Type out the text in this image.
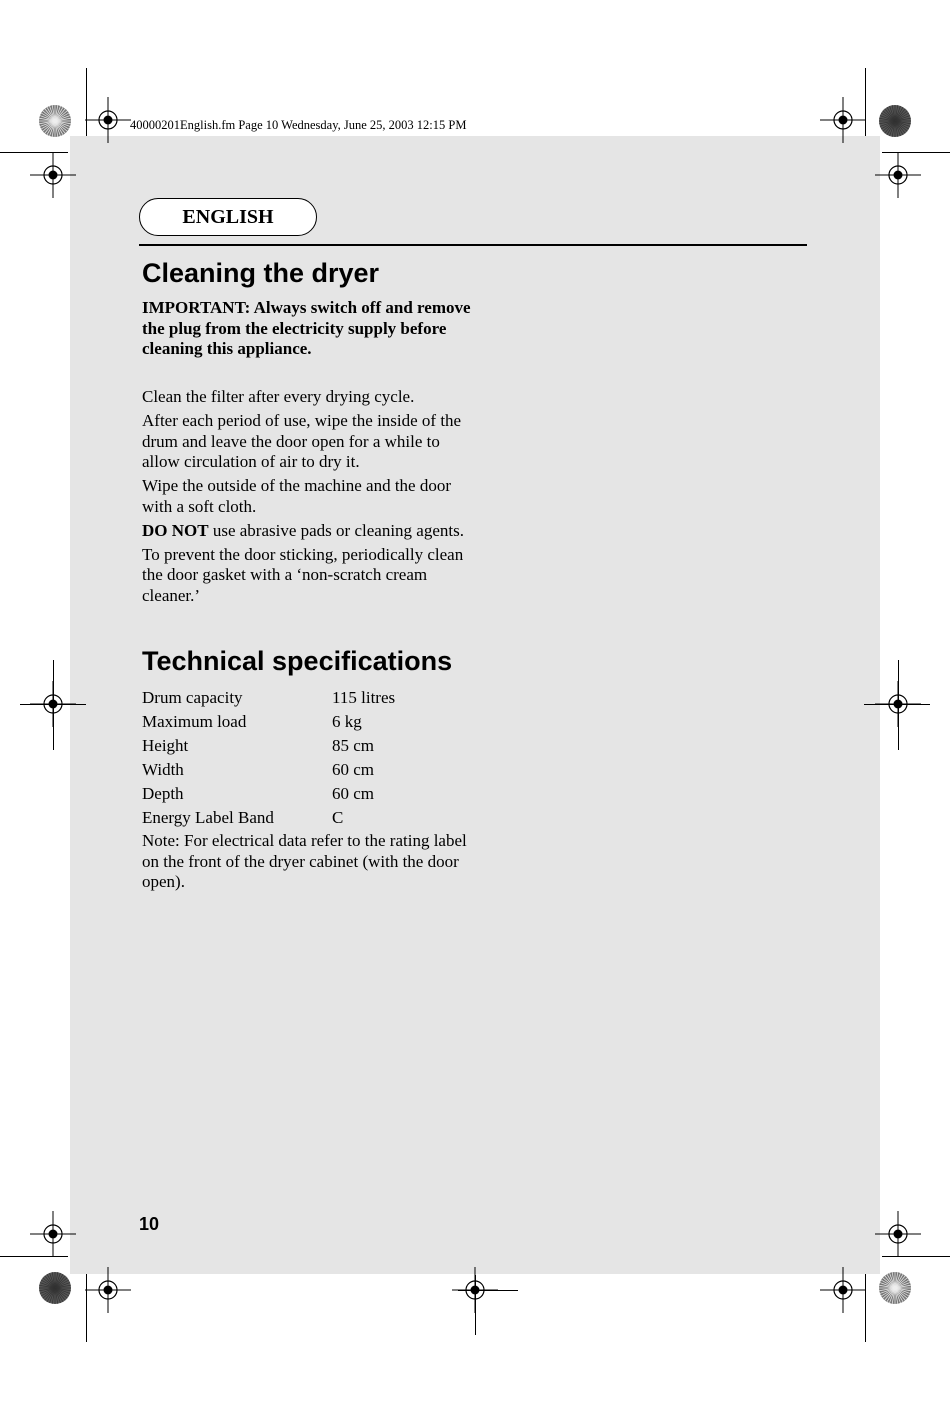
40000201English.fm Page 10 Wednesday, June 25, 2003 12:15 PM
ENGLISH
Cleaning the dryer
IMPORTANT: Always switch off and remove the plug from the electricity supply before cleaning this appliance.

Clean the filter after every drying cycle.

After each period of use, wipe the inside of the drum and leave the door open for a while to allow circulation of air to dry it.

Wipe the outside of the machine and the door with a soft cloth.

DO NOT use abrasive pads or cleaning agents.

To prevent the door sticking, periodically clean the door gasket with a ‘non-scratch cream cleaner.’

Technical specifications
Drum capacity	115 litres
Maximum load	6 kg
Height	85 cm
Width	60 cm
Depth	60 cm
Energy Label Band	C
Note: For electrical data refer to the rating label on the front of the dryer cabinet (with the door open).
10
